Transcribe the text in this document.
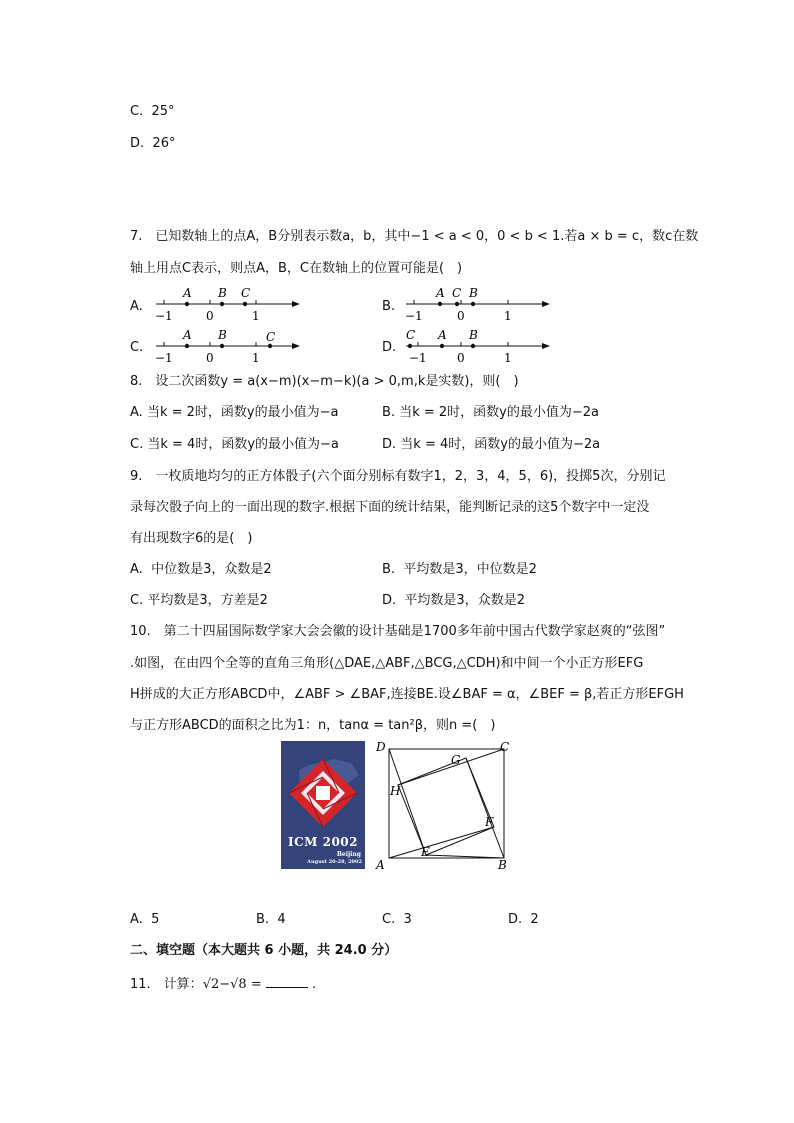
C. 25°
D. 26°
7.　已知数轴上的点A，B分别表示数a，b，其中−1 < a < 0，0 < b < 1.若a × b = c，数c在数
轴上用点C表示，则点A，B，C在数轴上的位置可能是(　)
A.
A B C
−1	0	1
B.
A C B
−1	0	1
C.
A B	C
−1	0	1
D.
C A B
−1	0	1
8.　设二次函数y = a(x−m)(x−m−k)(a > 0,m,k是实数)，则(　)
A. 当k = 2时，函数y的最小值为−a	B. 当k = 2时，函数y的最小值为−2a
C. 当k = 4时，函数y的最小值为−a	D. 当k = 4时，函数y的最小值为−2a
9.　一枚质地均匀的正方体骰子(六个面分别标有数字1，2，3，4，5，6)，投掷5次，分别记
录每次骰子向上的一面出现的数字.根据下面的统计结果，能判断记录的这5个数字中一定没
有出现数字6的是(　)
A. 中位数是3，众数是2	B. 平均数是3，中位数是2
C. 平均数是3，方差是2	D. 平均数是3，众数是2
10.　第二十四届国际数学家大会会徽的设计基础是1700多年前中国古代数学家赵爽的“弦图”
.如图，在由四个全等的直角三角形(△DAE,△ABF,△BCG,△CDH)和中间一个小正方形EFG
H拼成的大正方形ABCD中，∠ABF > ∠BAF,连接BE.设∠BAF = α，∠BEF = β,若正方形EFGH
与正方形ABCD的面积之比为1：n，tanα = tan²β，则n =(　)
ICM 2002
Beijing
August 20-28, 2002
D	C
A	B
G
H
F
E
A. 5	B. 4	C. 3	D. 2
二、填空题（本大题共 6 小题，共 24.0 分）
11.　计算：√2−√8 =	.
